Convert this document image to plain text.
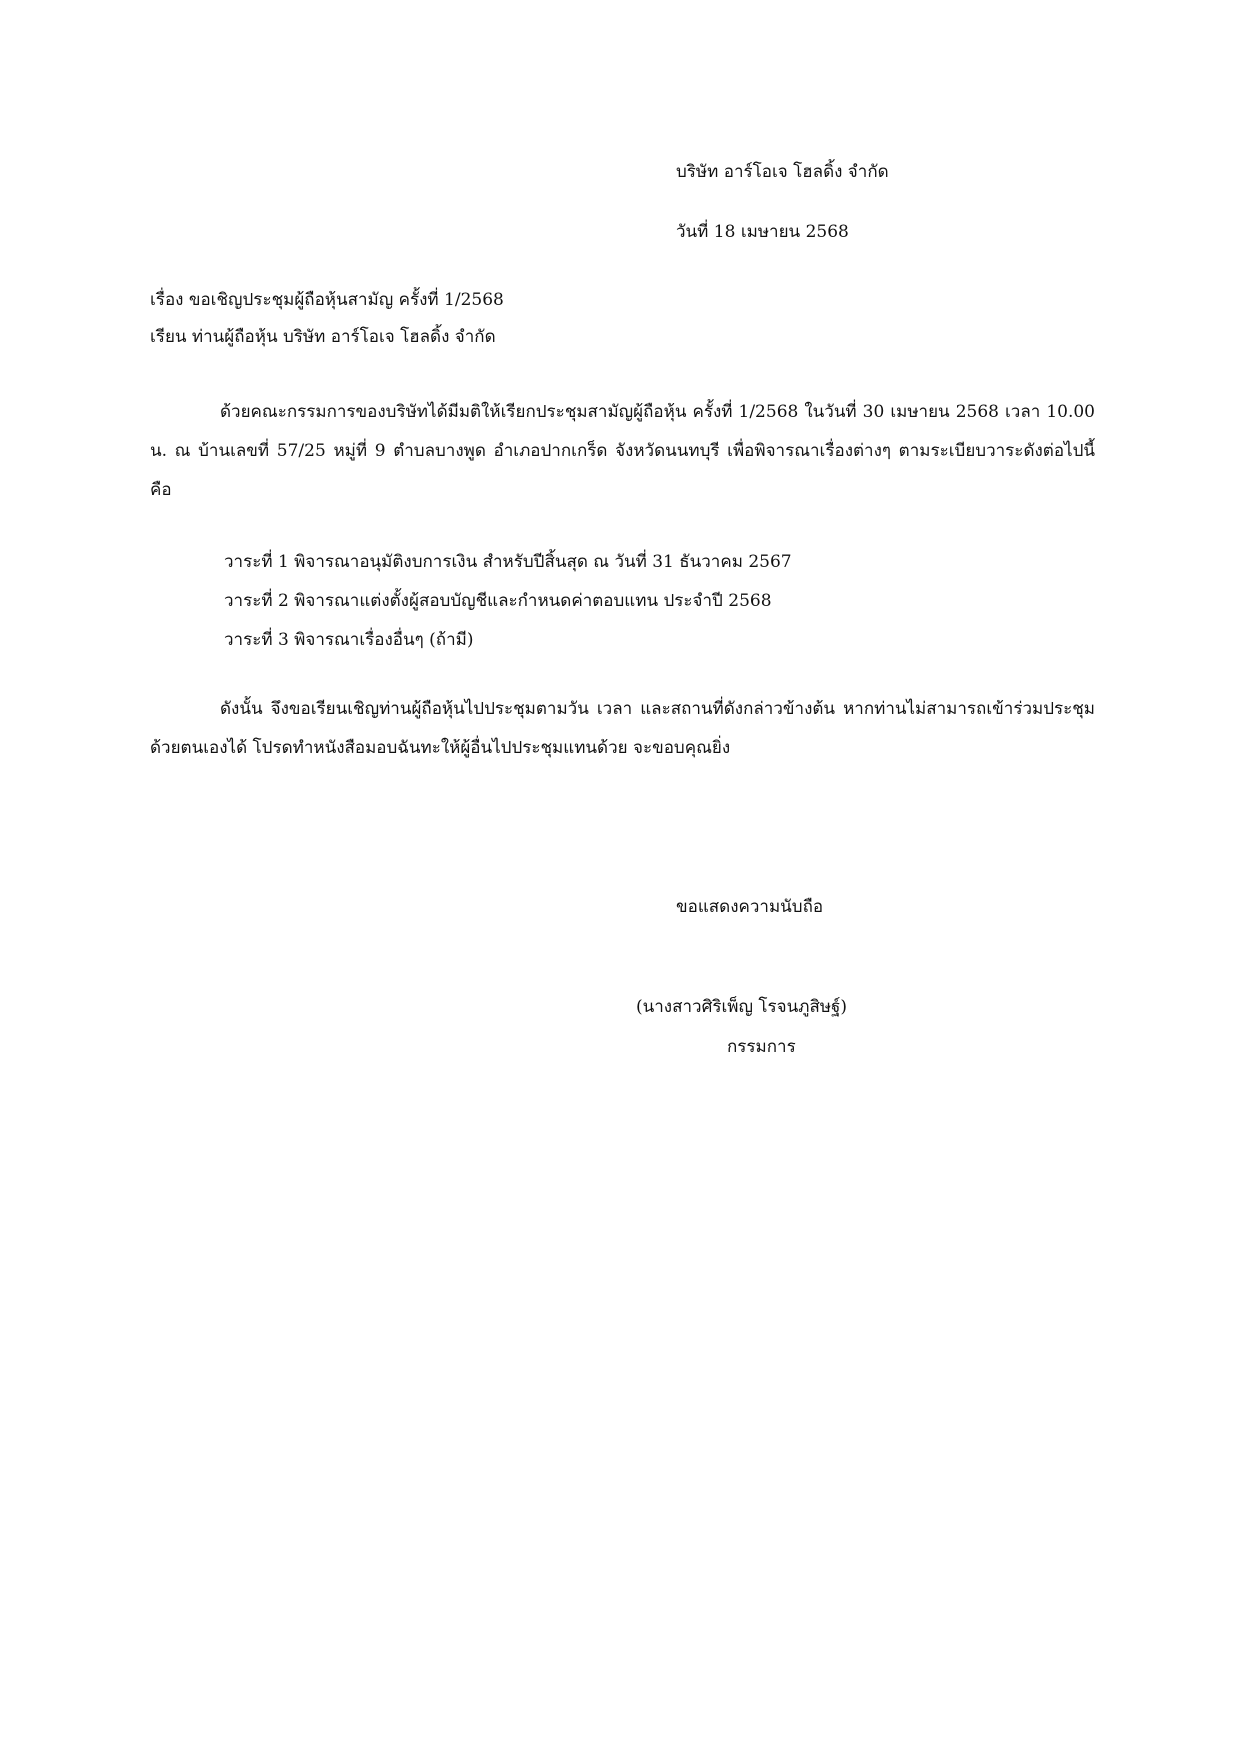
บริษัท อาร์โอเจ โฮลดิ้ง จำกัด
วันที่ 18 เมษายน 2568
เรื่อง ขอเชิญประชุมผู้ถือหุ้นสามัญ ครั้งที่ 1/2568
เรียน ท่านผู้ถือหุ้น บริษัท อาร์โอเจ โฮลดิ้ง จำกัด

ด้วยคณะกรรมการของบริษัทได้มีมติให้เรียกประชุมสามัญผู้ถือหุ้น ครั้งที่ 1/2568 ในวันที่ 30 เมษายน 2568 เวลา 10.00 น. ณ บ้านเลขที่ 57/25 หมู่ที่ 9 ตำบลบางพูด อำเภอปากเกร็ด จังหวัดนนทบุรี เพื่อพิจารณาเรื่องต่างๆ ตามระเบียบวาระดังต่อไปนี้ คือ

วาระที่ 1 พิจารณาอนุมัติงบการเงิน สำหรับปีสิ้นสุด ณ วันที่ 31 ธันวาคม 2567
วาระที่ 2 พิจารณาแต่งตั้งผู้สอบบัญชีและกำหนดค่าตอบแทน ประจำปี 2568
วาระที่ 3 พิจารณาเรื่องอื่นๆ (ถ้ามี)

ดังนั้น จึงขอเรียนเชิญท่านผู้ถือหุ้นไปประชุมตามวัน เวลา และสถานที่ดังกล่าวข้างต้น หากท่านไม่สามารถเข้าร่วมประชุมด้วยตนเองได้ โปรดทำหนังสือมอบฉันทะให้ผู้อื่นไปประชุมแทนด้วย จะขอบคุณยิ่ง

ขอแสดงความนับถือ
(นางสาวศิริเพ็ญ โรจนภูสิษฐ์)
กรรมการ
